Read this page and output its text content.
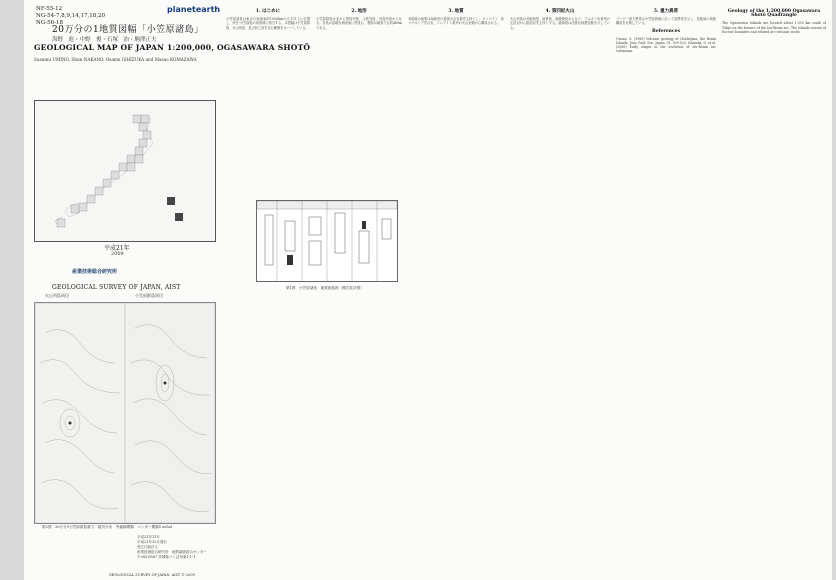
NF-55-12
NG-54-7,8,9,14,17,18,20
NG-56-18
planetearth
20万分の1地質図幅「小笠原諸島」
海野　進・中野　俊・石塚　治・駒澤正夫
GEOLOGICAL MAP OF JAPAN 1:200,000, OGASAWARA SHOTŌ
Susumu UMINO, Shun NAKANO, Osamu ISHIZUKA and Masao KOMAZAWA
平成21年
2009
産業技術総合研究所
GEOLOGICAL SURVEY OF JAPAN, AIST
火山列島周辺	小笠原群島周辺
第2図　20万分1小笠原群島重力・磁気分布　等値線間隔　コンター間隔5 mGal
平成21年11月
平成21年12月発行
独立行政法人
産業技術総合研究所　地質調査総合センター
〒305-8567 茨城県つくば市東1-1-1
GEOLOGICAL SURVEY OF JAPAN, AIST © 2009
1. はじめに

小笠原諸島は東京の南南東約1000kmの太平洋上に位置し、伊豆-小笠原弧の前弧域に相当する。本図幅は小笠原群島、火山列島、及び西之島を含む範囲をカバーしている。

2. 地形

小笠原群島は北から聟島列島、父島列島、母島列島からなる。各島は急峻な海食崖に囲まれ、標高は最高でも約460mである。

3. 地質

本地域の地質は始新世の島弧火山岩類を主体とし、ボニナイト、高マグネシア安山岩、ソレアイト系列の火山岩類から構成される。

4. 第四紀火山

火山列島は北硫黄島、硫黄島、南硫黄島からなり、アルカリ岩系列の玄武岩から粗面岩を主体とする。硫黄島は活発な地殻変動を示している。

5. 重力異常

ブーゲー重力異常は小笠原海嶺に沿って高異常を示し、前弧域の地殻構造を反映している。

References

Umino, S. (1985) Volcanic geology of Chichijima, the Bonin Islands. Jour. Geol. Soc. Japan, 91, 505-523. Ishizuka, O. et al. (2006) Early stages in the evolution of Izu-Bonin arc volcanism.

Geology of the 1:200,000 Ogasawara Shotō Quadrangle

The Ogasawara Islands are located about 1,000 km south of Tokyo on the forearc of the Izu-Bonin arc. The islands consist of Eocene boninites and related arc volcanic rocks.

第1図　小笠原諸島　地質総括図（模式柱状図）
